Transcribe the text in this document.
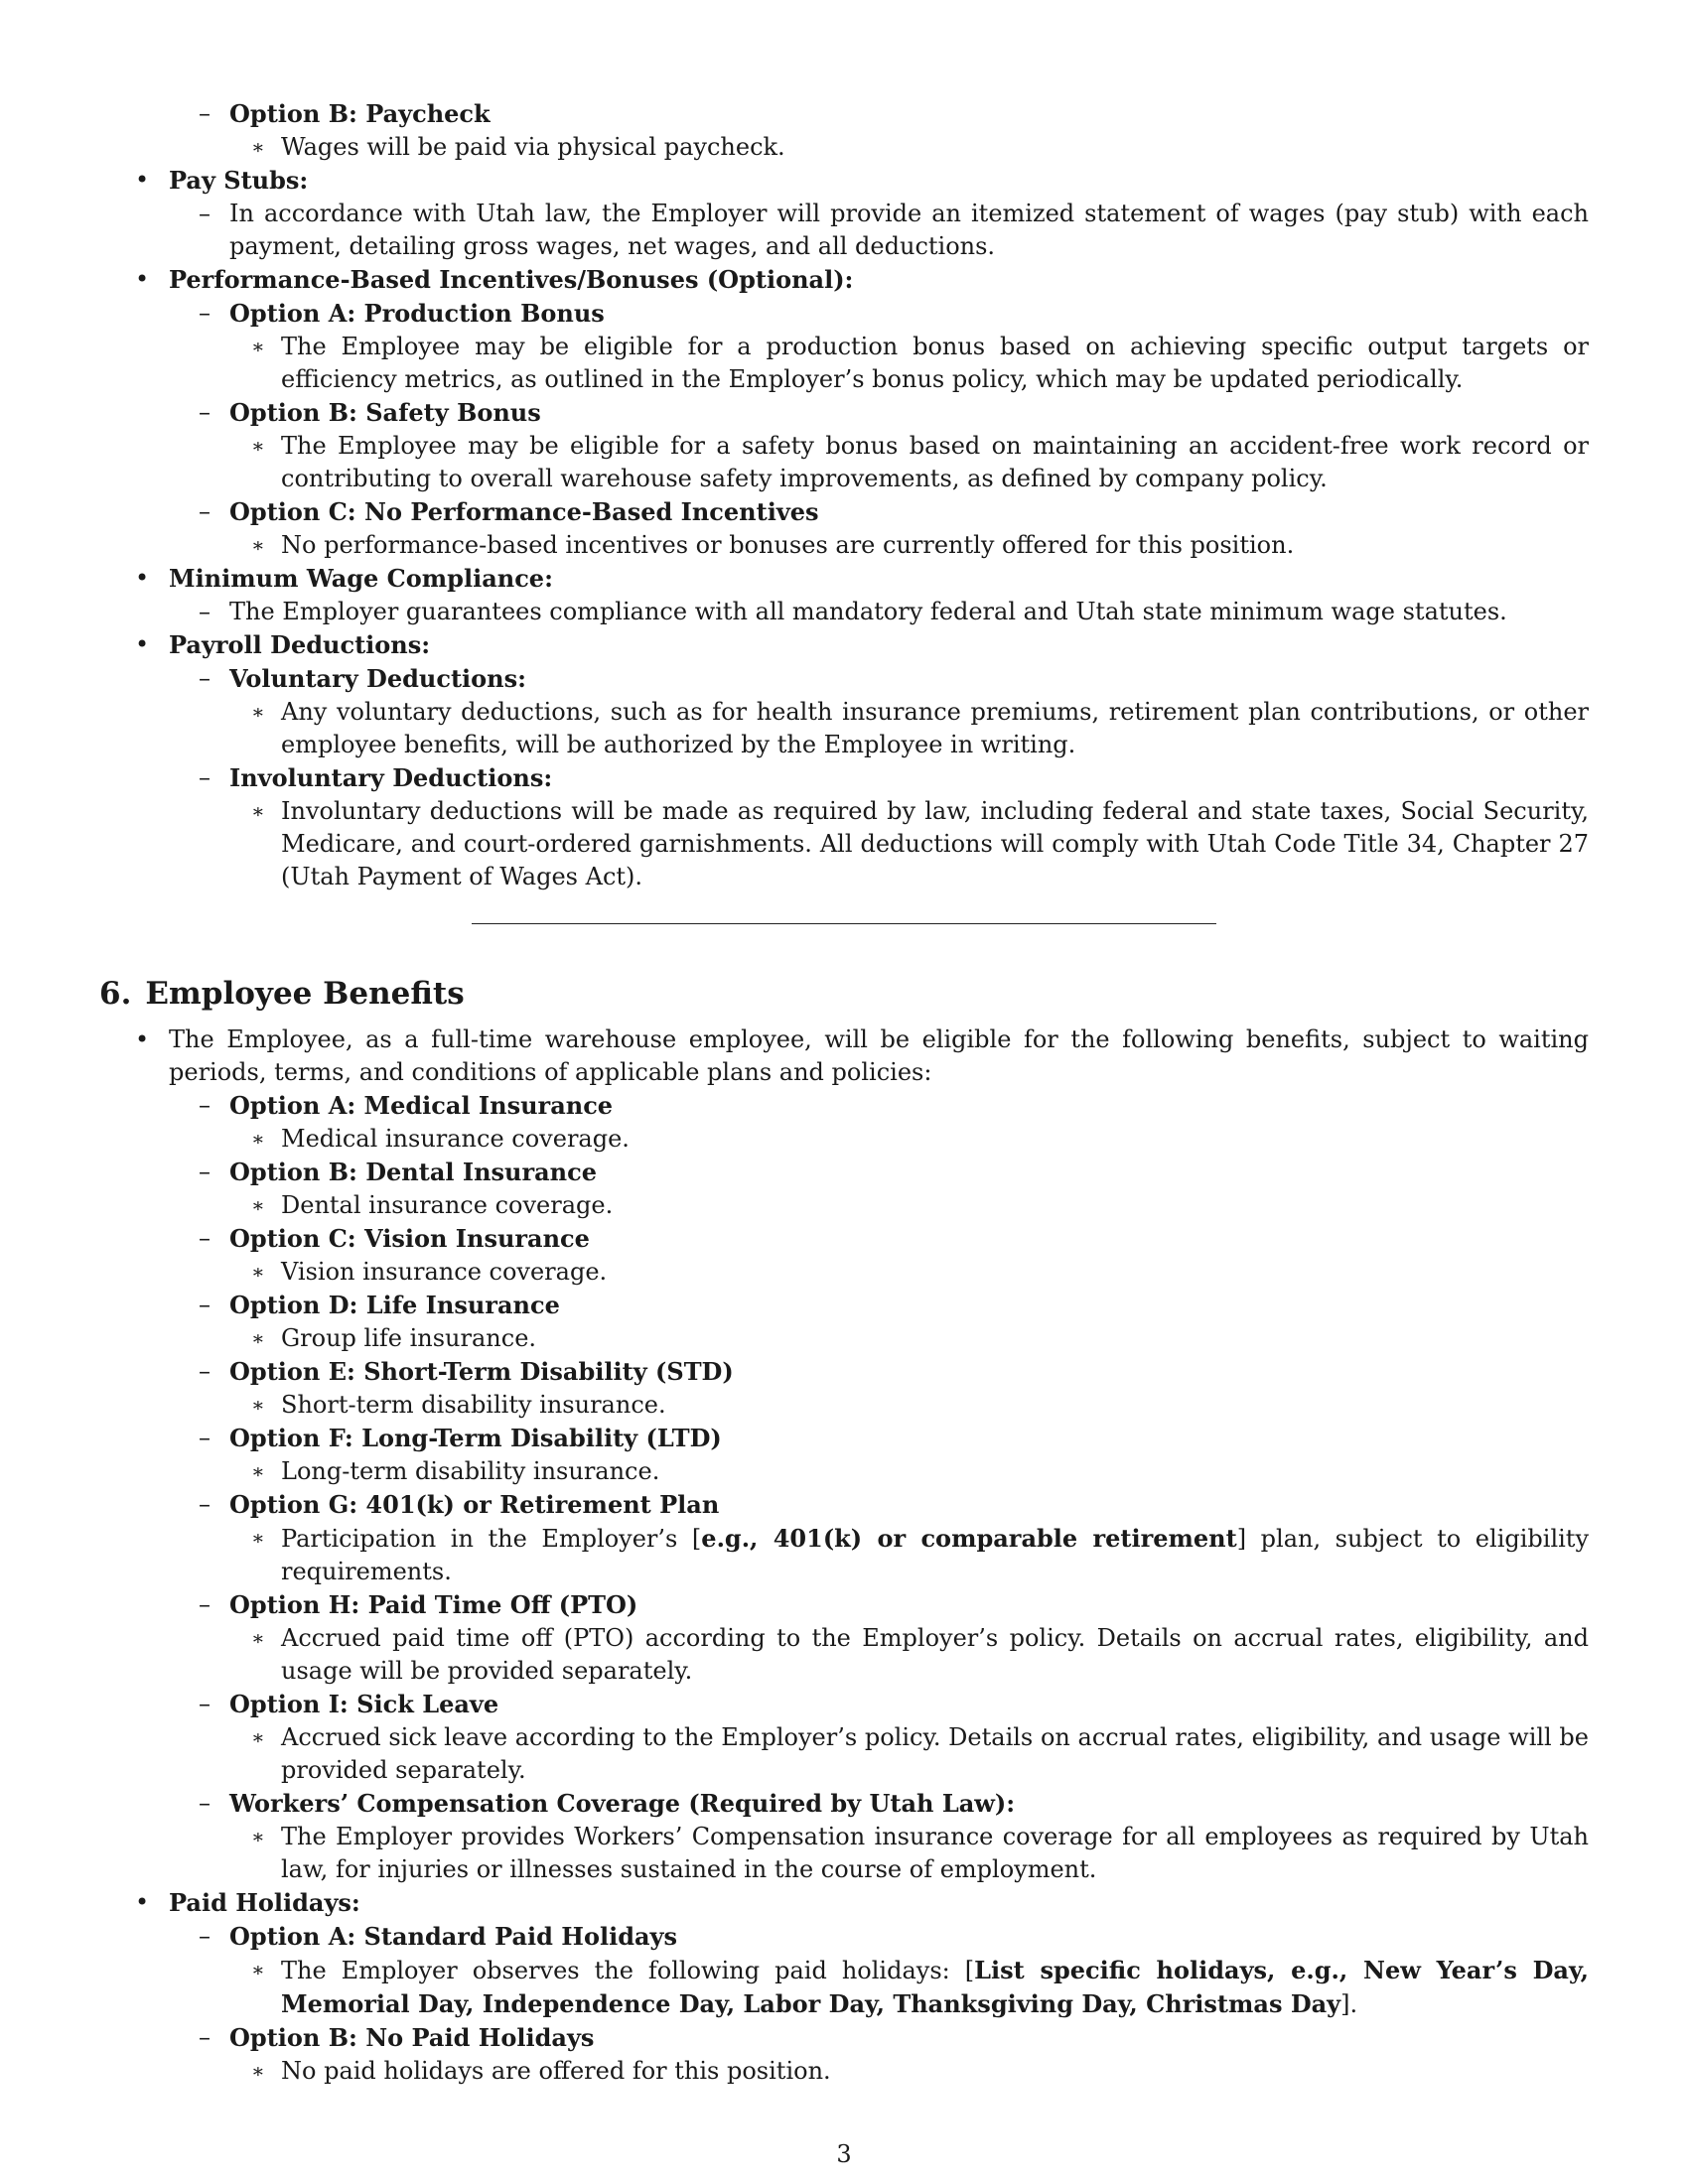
– Option B: Paycheck
∗ Wages will be paid via physical paycheck.
• Pay Stubs:
– In accordance with Utah law, the Employer will provide an itemized statement of wages (pay stub) with each payment, detailing gross wages, net wages, and all deductions.
• Performance-Based Incentives/Bonuses (Optional):
– Option A: Production Bonus
∗ The Employee may be eligible for a production bonus based on achieving specific output targets or efficiency metrics, as outlined in the Employer’s bonus policy, which may be updated periodically.
– Option B: Safety Bonus
∗ The Employee may be eligible for a safety bonus based on maintaining an accident-free work record or contributing to overall warehouse safety improvements, as defined by company policy.
– Option C: No Performance-Based Incentives
∗ No performance-based incentives or bonuses are currently offered for this position.
• Minimum Wage Compliance:
– The Employer guarantees compliance with all mandatory federal and Utah state minimum wage statutes.
• Payroll Deductions:
– Voluntary Deductions:
∗ Any voluntary deductions, such as for health insurance premiums, retirement plan contributions, or other employee benefits, will be authorized by the Employee in writing.
– Involuntary Deductions:
∗ Involuntary deductions will be made as required by law, including federal and state taxes, Social Security, Medicare, and court-ordered garnishments. All deductions will comply with Utah Code Title 34, Chapter 27 (Utah Payment of Wages Act).
6. Employee Benefits
• The Employee, as a full-time warehouse employee, will be eligible for the following benefits, subject to waiting periods, terms, and conditions of applicable plans and policies:
– Option A: Medical Insurance
∗ Medical insurance coverage.
– Option B: Dental Insurance
∗ Dental insurance coverage.
– Option C: Vision Insurance
∗ Vision insurance coverage.
– Option D: Life Insurance
∗ Group life insurance.
– Option E: Short-Term Disability (STD)
∗ Short-term disability insurance.
– Option F: Long-Term Disability (LTD)
∗ Long-term disability insurance.
– Option G: 401(k) or Retirement Plan
∗ Participation in the Employer’s [e.g., 401(k) or comparable retirement] plan, subject to eligibility requirements.
– Option H: Paid Time Off (PTO)
∗ Accrued paid time off (PTO) according to the Employer’s policy. Details on accrual rates, eligibility, and usage will be provided separately.
– Option I: Sick Leave
∗ Accrued sick leave according to the Employer’s policy. Details on accrual rates, eligibility, and usage will be provided separately.
– Workers’ Compensation Coverage (Required by Utah Law):
∗ The Employer provides Workers’ Compensation insurance coverage for all employees as required by Utah law, for injuries or illnesses sustained in the course of employment.
• Paid Holidays:
– Option A: Standard Paid Holidays
∗ The Employer observes the following paid holidays: [List specific holidays, e.g., New Year’s Day, Memorial Day, Independence Day, Labor Day, Thanksgiving Day, Christmas Day].
– Option B: No Paid Holidays
∗ No paid holidays are offered for this position.
3
